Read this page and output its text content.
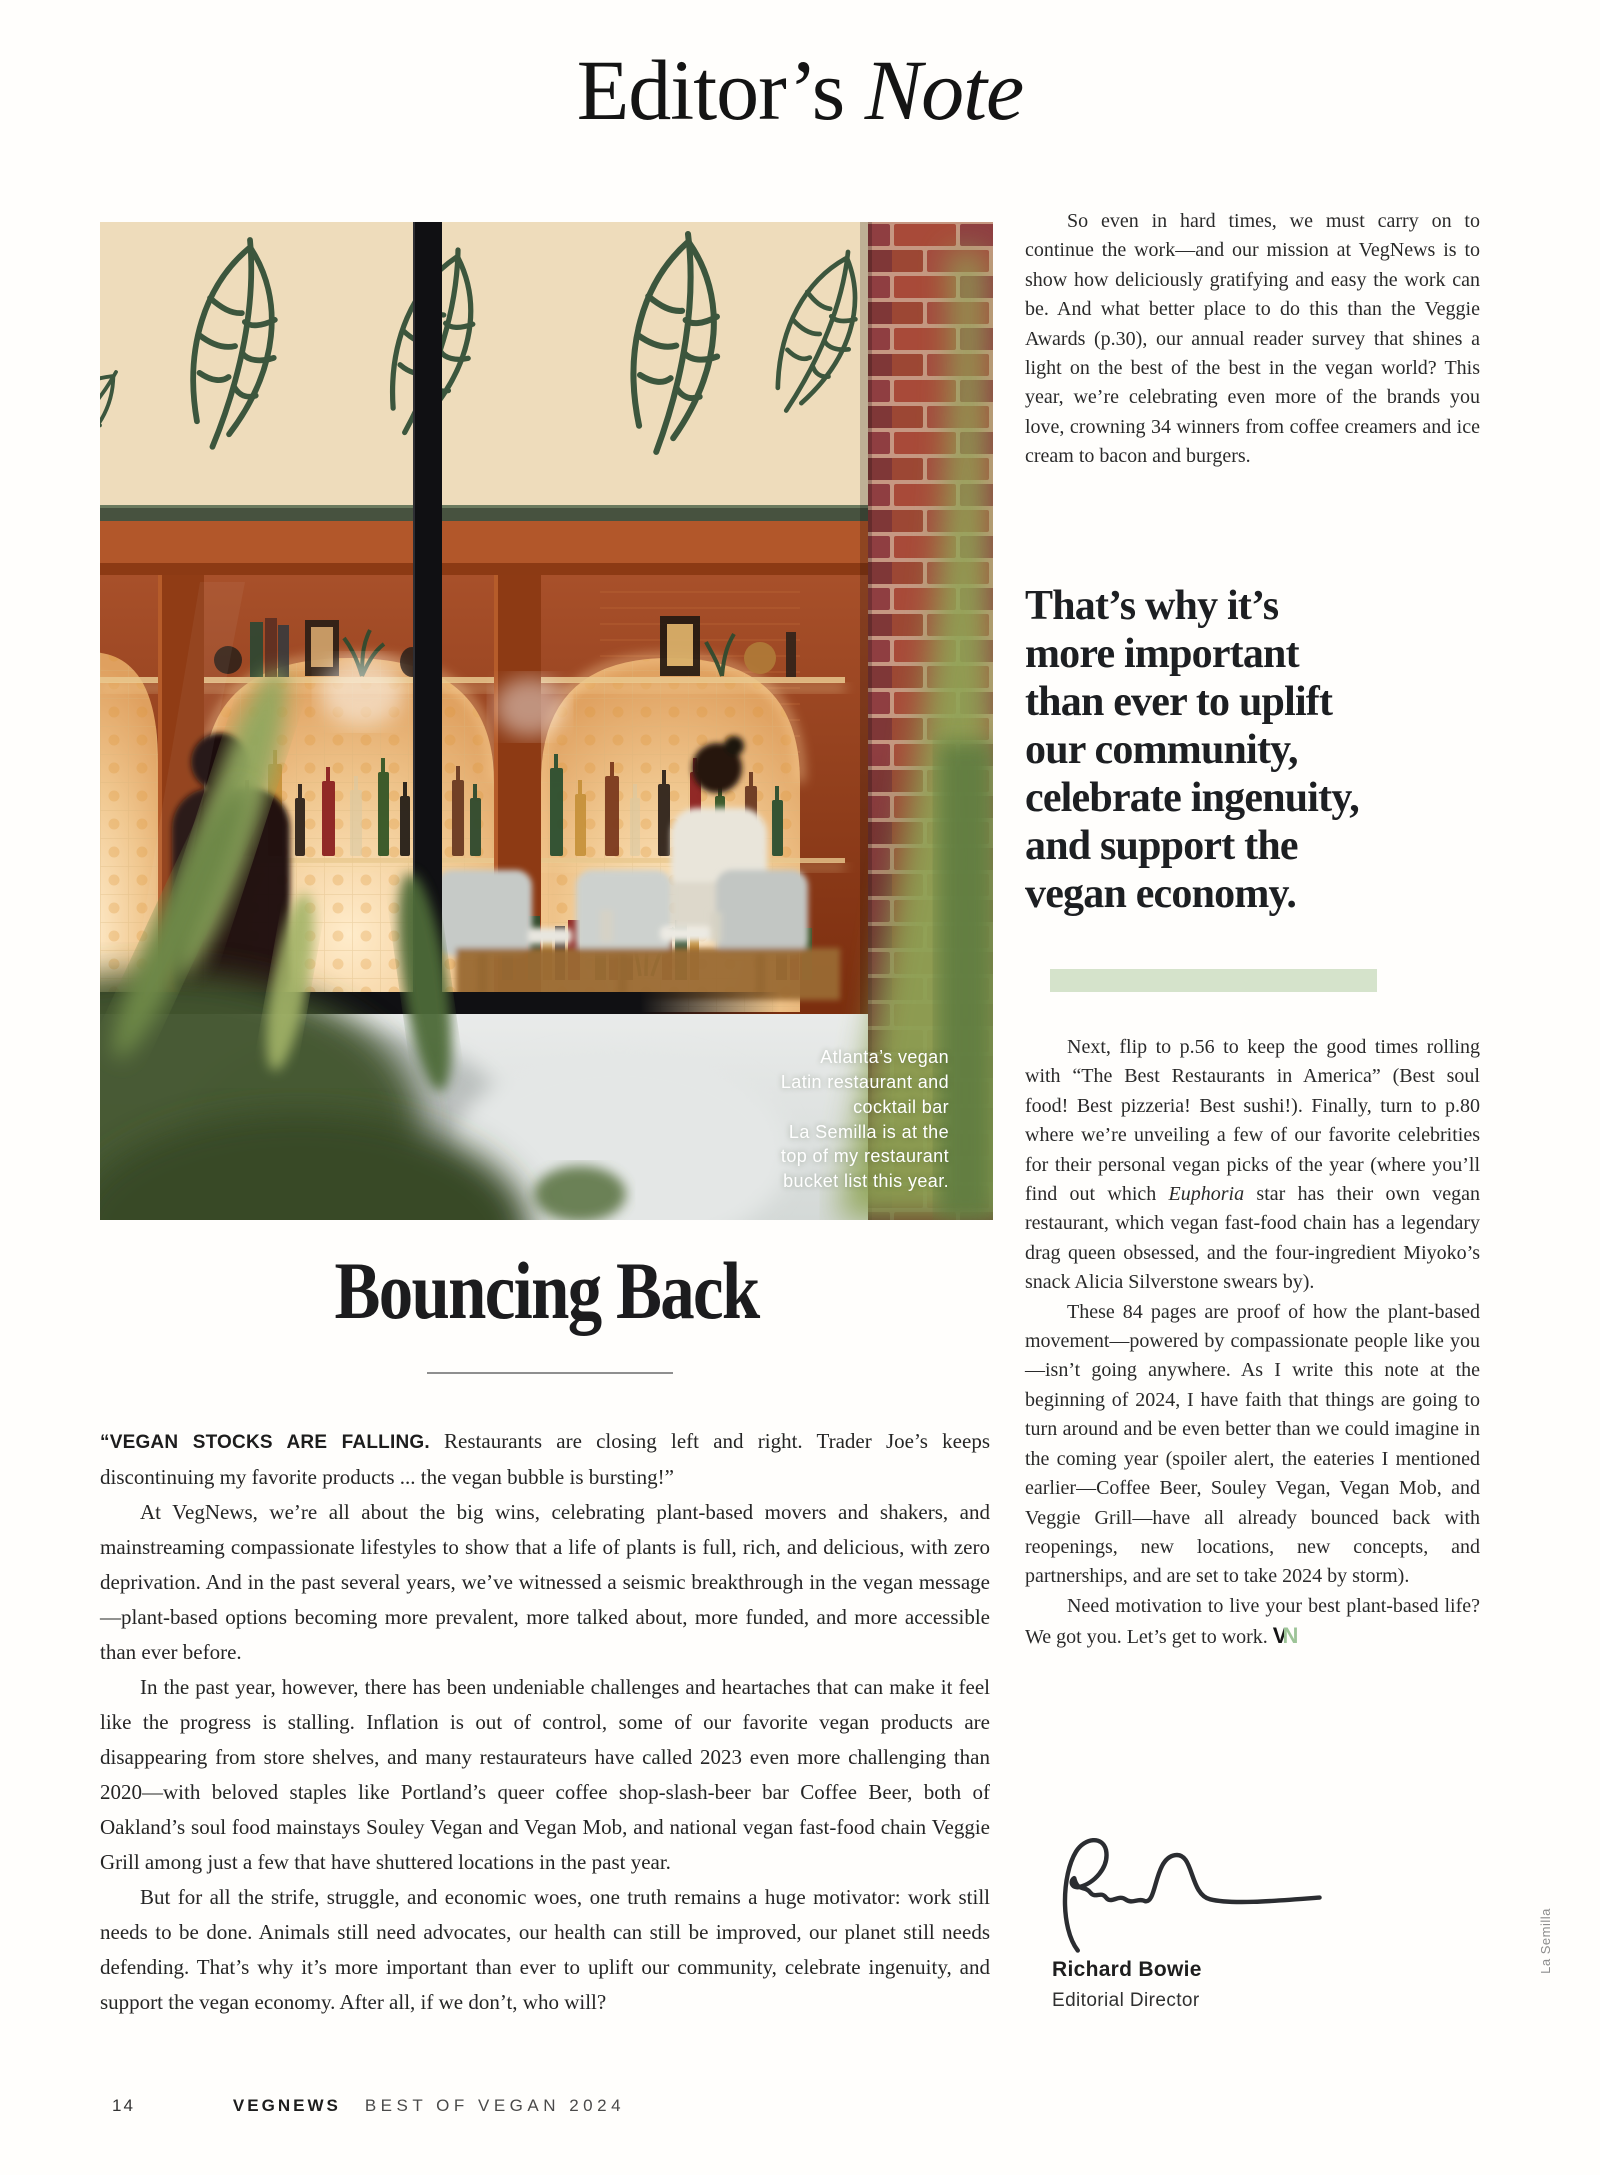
Editor’s Note
Atlanta’s vegan
Latin restaurant and
cocktail bar
La Semilla is at the
top of my restaurant
bucket list this year.
Bouncing Back

“VEGAN STOCKS ARE FALLING. Restaurants are closing left and right. Trader Joe’s keeps discontinuing my favorite products ... the vegan bubble is bursting!”

At VegNews, we’re all about the big wins, celebrating plant-based movers and shakers, and mainstreaming compassionate lifestyles to show that a life of plants is full, rich, and delicious, with zero deprivation. And in the past several years, we’ve witnessed a seismic breakthrough in the vegan message—plant-based options becoming more prevalent, more talked about, more funded, and more accessible than ever before.

In the past year, however, there has been undeniable challenges and heartaches that can make it feel like the progress is stalling. Inflation is out of control, some of our favorite vegan products are disappearing from store shelves, and many restaurateurs have called 2023 even more challenging than 2020—with beloved staples like Portland’s queer coffee shop-slash-beer bar Coffee Beer, both of Oakland’s soul food mainstays Souley Vegan and Vegan Mob, and national vegan fast-food chain Veggie Grill among just a few that have shuttered locations in the past year.

But for all the strife, struggle, and economic woes, one truth remains a huge motivator: work still needs to be done. Animals still need advocates, our health can still be improved, our planet still needs defending. That’s why it’s more important than ever to uplift our community, celebrate ingenuity, and support the vegan economy. After all, if we don’t, who will?

So even in hard times, we must carry on to continue the work—and our mission at VegNews is to show how deliciously gratifying and easy the work can be. And what better place to do this than the Veggie Awards (p.30), our annual reader survey that shines a light on the best of the best in the vegan world? This year, we’re celebrating even more of the brands you love, crowning 34 winners from coffee creamers and ice cream to bacon and burgers.

That’s why it’s
more important
than ever to uplift
our community,
celebrate ingenuity,
and support the
vegan economy.

Next, flip to p.56 to keep the good times rolling with “The Best Restaurants in America” (Best soul food! Best pizzeria! Best sushi!). Finally, turn to p.80 where we’re unveiling a few of our favorite celebrities for their personal vegan picks of the year (where you’ll find out which Euphoria star has their own vegan restaurant, which vegan fast-food chain has a legendary drag queen obsessed, and the four-ingredient Miyoko’s snack Alicia Silverstone swears by).

These 84 pages are proof of how the plant-based movement—powered by compassionate people like you—isn’t going anywhere. As I write this note at the beginning of 2024, I have faith that things are going to turn around and be even better than we could imagine in the coming year (spoiler alert, the eateries I mentioned earlier—Coffee Beer, Souley Vegan, Vegan Mob, and Veggie Grill—have all already bounced back with reopenings, new locations, new concepts, and partnerships, and are set to take 2024 by storm).

Need motivation to live your best plant-based life? We got you. Let’s get to work. VN

Richard Bowie
Editorial Director
14	VEGNEWS BEST OF VEGAN 2024
La Semilla
